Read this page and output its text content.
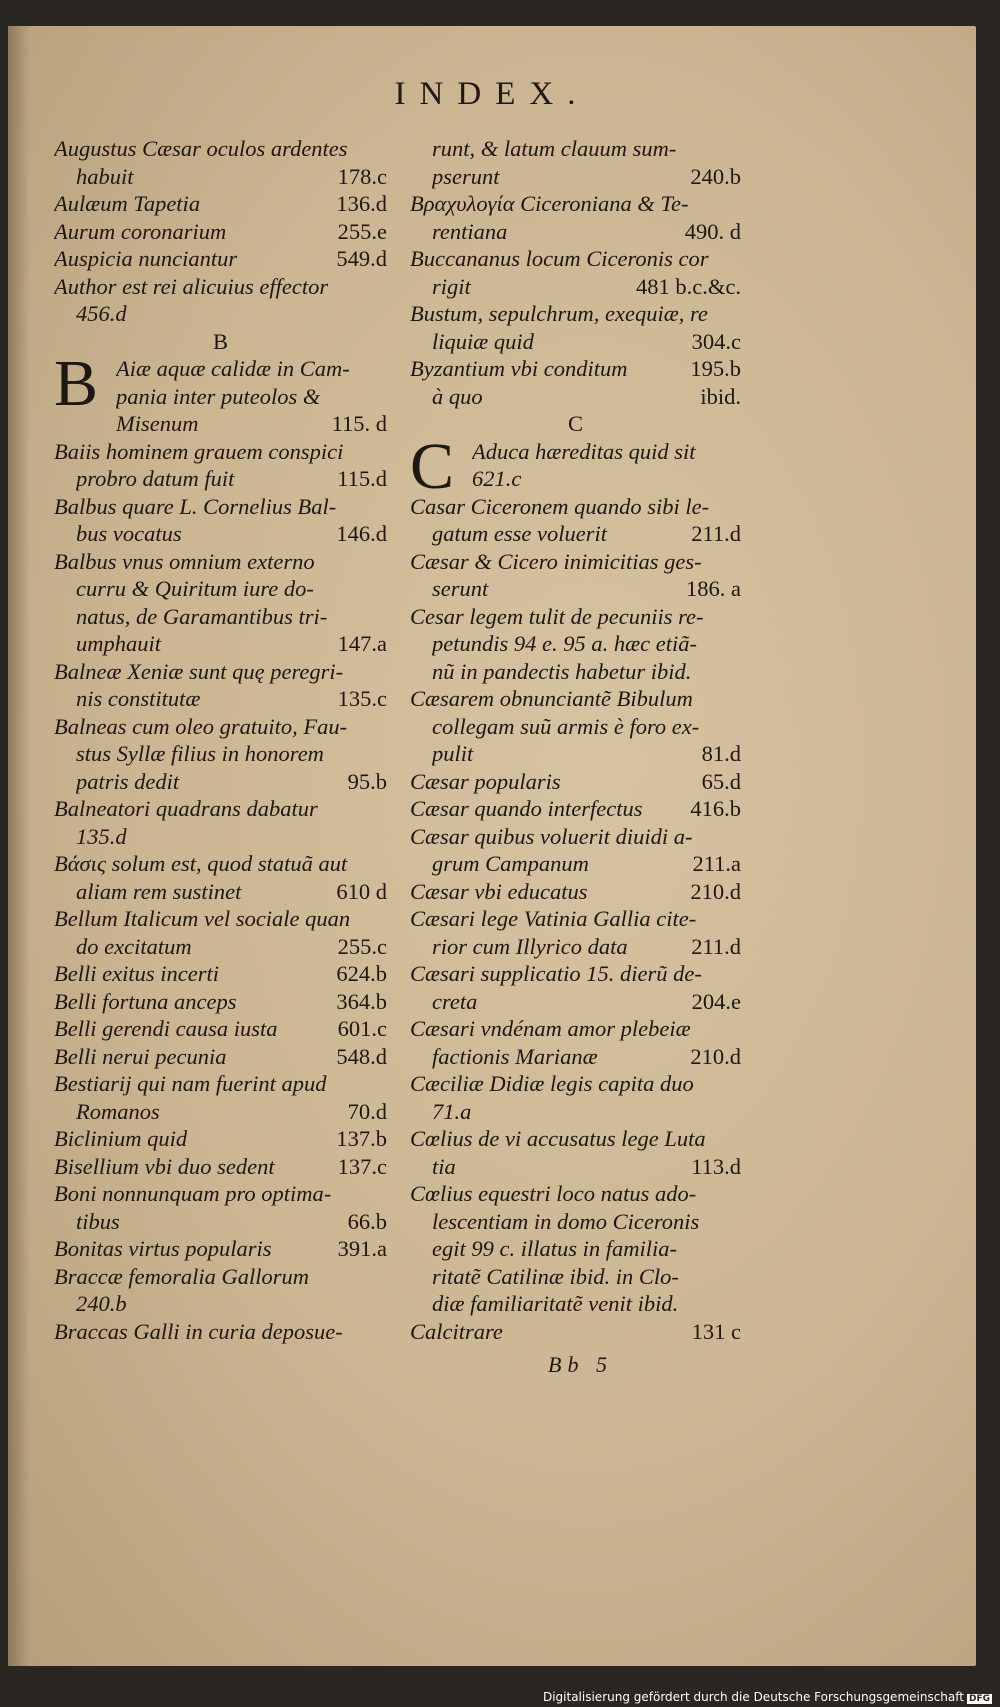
INDEX.
Augustus Cæsar oculos ardentes
habuit	178.c
Aulæum Tapetia	136.d
Aurum coronarium	255.e
Auspicia nunciantur	549.d
Author est rei alicuius effector
456.d
B
B Aiæ aquæ calidæ in Cam-
pania inter puteolos &
Misenum	115. d
Baiis hominem grauem conspici
probro datum fuit	115.d
Balbus quare L. Cornelius Bal-
bus vocatus	146.d
Balbus vnus omnium externo
curru & Quiritum iure do-
natus, de Garamantibus tri-
umphauit	147.a
Balneæ Xeniæ sunt quę peregri-
nis constitutæ	135.c
Balneas cum oleo gratuito, Fau-
stus Syllæ filius in honorem
patris dedit	95.b
Balneatori quadrans dabatur
135.d
Βάσις solum est, quod statuã aut
aliam rem sustinet	610 d
Bellum Italicum vel sociale quan
do excitatum	255.c
Belli exitus incerti	624.b
Belli fortuna anceps	364.b
Belli gerendi causa iusta	601.c
Belli nerui pecunia	548.d
Bestiarij qui nam fuerint apud
Romanos	70.d
Biclinium quid	137.b
Bisellium vbi duo sedent	137.c
Boni nonnunquam pro optima-
tibus	66.b
Bonitas virtus popularis	391.a
Braccæ femoralia Gallorum
240.b
Braccas Galli in curia deposue-
runt, & latum clauum sum-
pserunt	240.b
Βραχυλογία Ciceroniana & Te-
rentiana	490. d
Buccananus locum Ciceronis cor
rigit	481 b.c.&c.
Bustum, sepulchrum, exequiæ, re
liquiæ quid	304.c
Byzantium vbi conditum	195.b
à quo	ibid.
C
C Aduca hæreditas quid sit
621.c
Casar Ciceronem quando sibi le-
gatum esse voluerit	211.d
Cæsar & Cicero inimicitias ges-
serunt	186. a
Cesar legem tulit de pecuniis re-
petundis 94 e. 95 a. hæc etiã-
nũ in pandectis habetur ibid.
Cæsarem obnunciantẽ Bibulum
collegam suũ armis è foro ex-
pulit	81.d
Cæsar popularis	65.d
Cæsar quando interfectus	416.b
Cæsar quibus voluerit diuidi a-
grum Campanum	211.a
Cæsar vbi educatus	210.d
Cæsari lege Vatinia Gallia cite-
rior cum Illyrico data	211.d
Cæsari supplicatio 15. dierũ de-
creta	204.e
Cæsari vndénam amor plebeiæ
factionis Marianæ	210.d
Cæciliæ Didiæ legis capita duo
71.a
Cœlius de vi accusatus lege Luta
tia	113.d
Cœlius equestri loco natus ado-
lescentiam in domo Ciceronis
egit 99 c. illatus in familia-
ritatẽ Catilinæ ibid. in Clo-
diæ familiaritatẽ venit ibid.
Calcitrare	131 c
Bb 5
Digitalisierung gefördert durch die Deutsche Forschungsgemeinschaft DFG
